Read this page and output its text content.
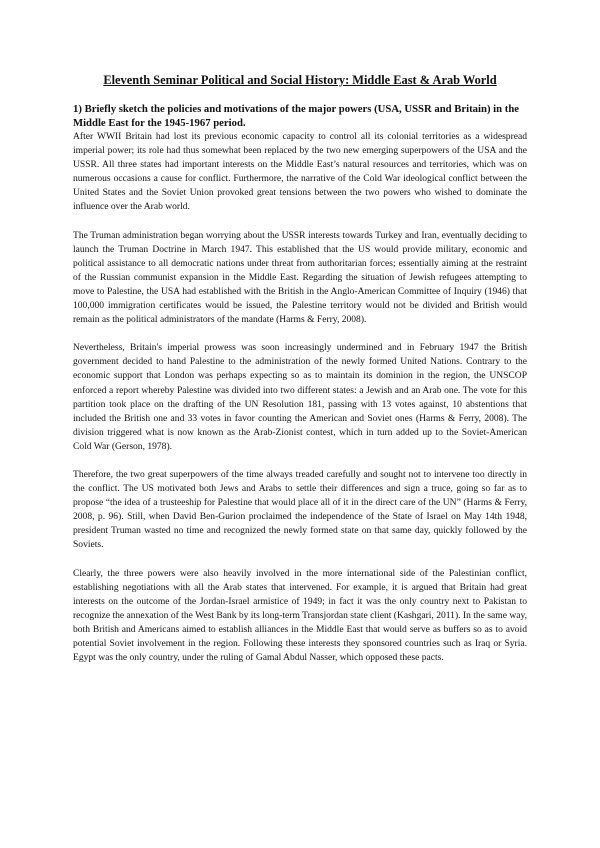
Eleventh Seminar Political and Social History: Middle East & Arab World
1) Briefly sketch the policies and motivations of the major powers (USA, USSR and Britain) in the Middle East for the 1945-1967 period.

After WWII Britain had lost its previous economic capacity to control all its colonial territories as a widespread imperial power; its role had thus somewhat been replaced by the two new emerging superpowers of the USA and the USSR. All three states had important interests on the Middle East’s natural resources and territories, which was on numerous occasions a cause for conflict. Furthermore, the narrative of the Cold War ideological conflict between the United States and the Soviet Union provoked great tensions between the two powers who wished to dominate the influence over the Arab world.

The Truman administration began worrying about the USSR interests towards Turkey and Iran, eventually deciding to launch the Truman Doctrine in March 1947. This established that the US would provide military, economic and political assistance to all democratic nations under threat from authoritarian forces; essentially aiming at the restraint of the Russian communist expansion in the Middle East. Regarding the situation of Jewish refugees attempting to move to Palestine, the USA had established with the British in the Anglo-American Committee of Inquiry (1946) that 100,000 immigration certificates would be issued, the Palestine territory would not be divided and British would remain as the political administrators of the mandate (Harms & Ferry, 2008).

Nevertheless, Britain's imperial prowess was soon increasingly undermined and in February 1947 the British government decided to hand Palestine to the administration of the newly formed United Nations. Contrary to the economic support that London was perhaps expecting so as to maintain its dominion in the region, the UNSCOP enforced a report whereby Palestine was divided into two different states: a Jewish and an Arab one. The vote for this partition took place on the drafting of the UN Resolution 181, passing with 13 votes against, 10 abstentions that included the British one and 33 votes in favor counting the American and Soviet ones (Harms & Ferry, 2008). The division triggered what is now known as the Arab-Zionist contest, which in turn added up to the Soviet-American Cold War (Gerson, 1978).

Therefore, the two great superpowers of the time always treaded carefully and sought not to intervene too directly in the conflict. The US motivated both Jews and Arabs to settle their differences and sign a truce, going so far as to propose “the idea of a trusteeship for Palestine that would place all of it in the direct care of the UN” (Harms & Ferry, 2008, p. 96). Still, when David Ben-Gurion proclaimed the independence of the State of Israel on May 14th 1948, president Truman wasted no time and recognized the newly formed state on that same day, quickly followed by the Soviets.

Clearly, the three powers were also heavily involved in the more international side of the Palestinian conflict, establishing negotiations with all the Arab states that intervened. For example, it is argued that Britain had great interests on the outcome of the Jordan-Israel armistice of 1949; in fact it was the only country next to Pakistan to recognize the annexation of the West Bank by its long-term Transjordan state client (Kashgari, 2011). In the same way, both British and Americans aimed to establish alliances in the Middle East that would serve as buffers so as to avoid potential Soviet involvement in the region. Following these interests they sponsored countries such as Iraq or Syria. Egypt was the only country, under the ruling of Gamal Abdul Nasser, which opposed these pacts.
